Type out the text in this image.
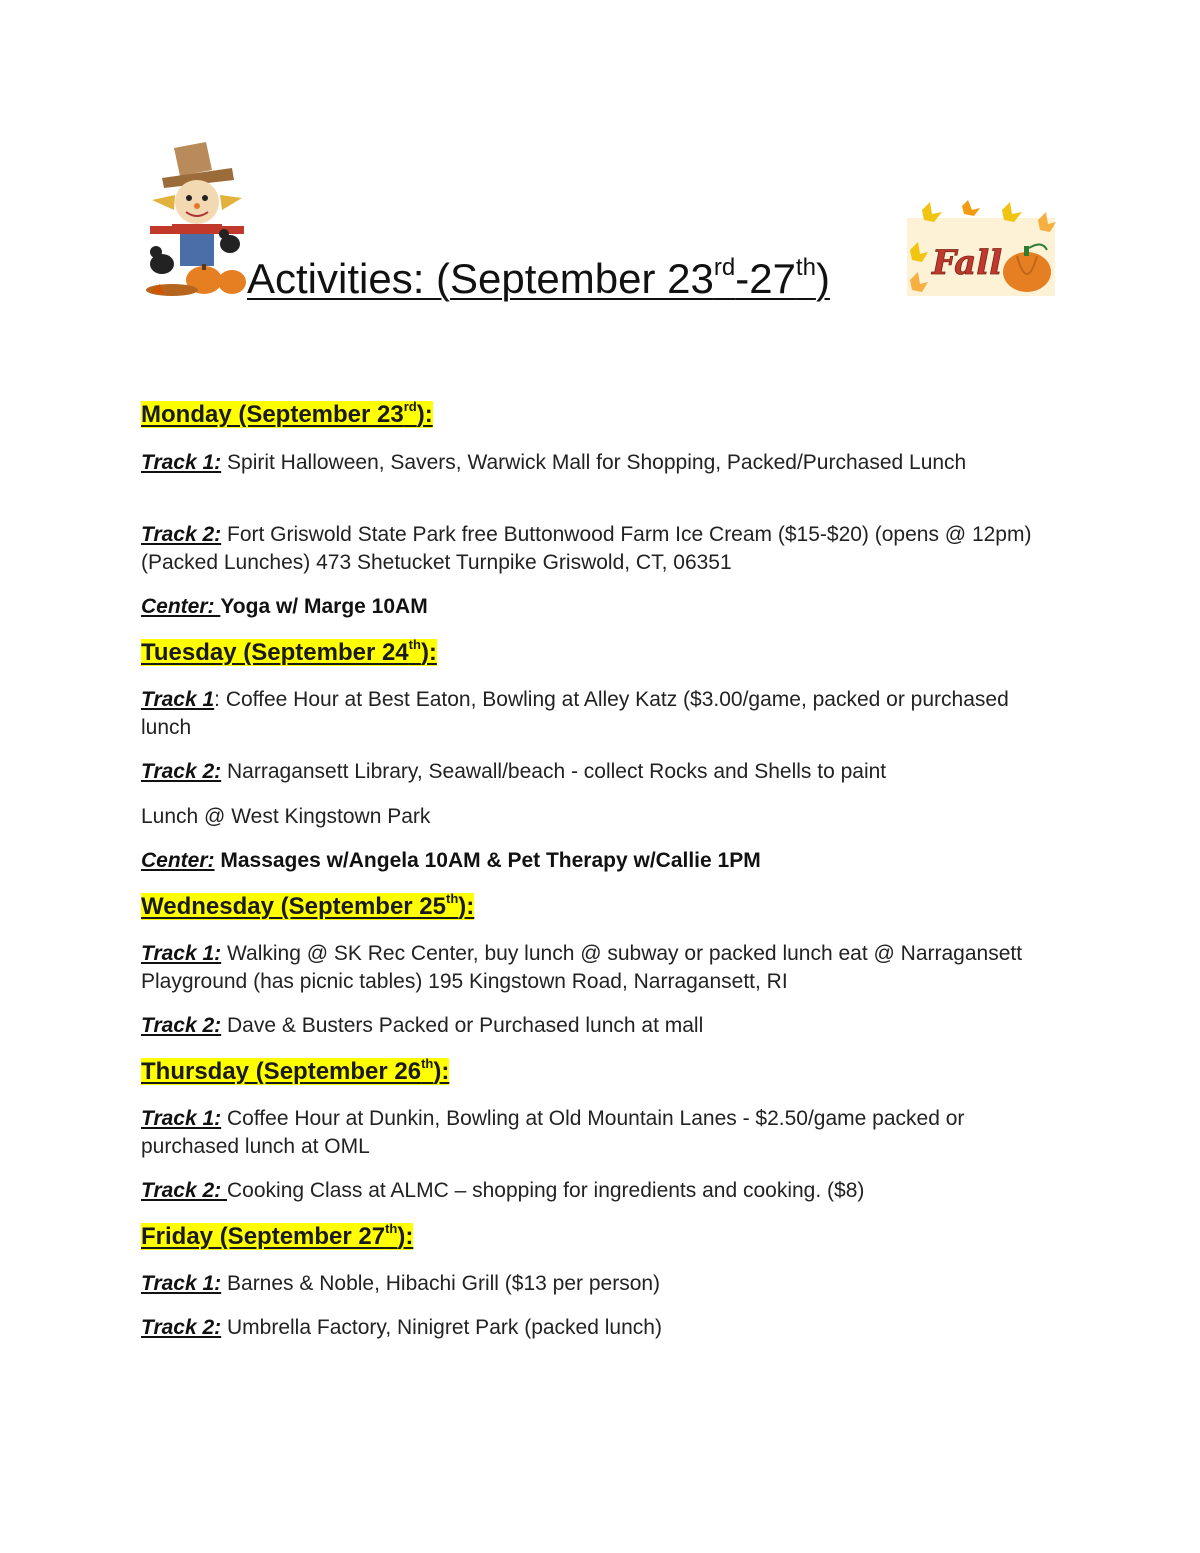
Activities: (September 23rd-27th)	Fall
Monday (September 23rd):
Track 1: Spirit Halloween, Savers, Warwick Mall for Shopping, Packed/Purchased Lunch
Track 2: Fort Griswold State Park free Buttonwood Farm Ice Cream ($15-$20) (opens @ 12pm) (Packed Lunches) 473 Shetucket Turnpike Griswold, CT, 06351
Center: Yoga w/ Marge 10AM
Tuesday (September 24th):
Track 1: Coffee Hour at Best Eaton, Bowling at Alley Katz ($3.00/game, packed or purchased lunch
Track 2: Narragansett Library, Seawall/beach - collect Rocks and Shells to paint
Lunch @ West Kingstown Park
Center: Massages w/Angela 10AM & Pet Therapy w/Callie 1PM
Wednesday (September 25th):
Track 1: Walking @ SK Rec Center, buy lunch @ subway or packed lunch eat @ Narragansett Playground (has picnic tables) 195 Kingstown Road, Narragansett, RI
Track 2: Dave & Busters Packed or Purchased lunch at mall
Thursday (September 26th):
Track 1: Coffee Hour at Dunkin, Bowling at Old Mountain Lanes - $2.50/game packed or purchased lunch at OML
Track 2: Cooking Class at ALMC – shopping for ingredients and cooking. ($8)
Friday (September 27th):
Track 1: Barnes & Noble, Hibachi Grill ($13 per person)
Track 2: Umbrella Factory, Ninigret Park (packed lunch)
